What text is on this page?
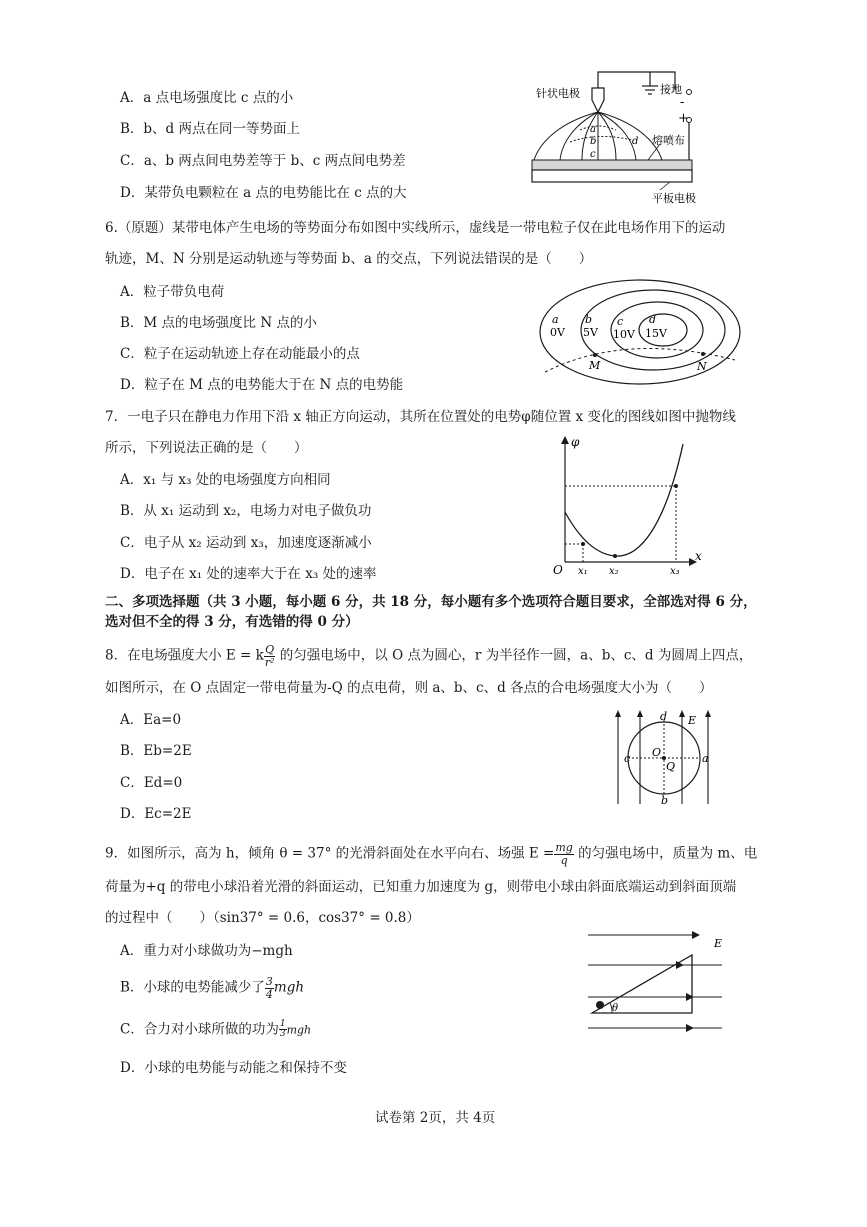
A．a 点电场强度比 c 点的小
B．b、d 两点在同一等势面上
C．a、b 两点间电势差等于 b、c 两点间电势差
D．某带负电颗粒在 a 点的电势能比在 c 点的大
接地
-
+
针状电极
a
b
c
d 熔喷布
平板电极
6.（原题）某带电体产生电场的等势面分布如图中实线所示，虚线是一带电粒子仅在此电场作用下的运动
轨迹，M、N 分别是运动轨迹与等势面 b、a 的交点，下列说法错误的是（　　）
A．粒子带负电荷
B．M 点的电场强度比 N 点的小
C．粒子在运动轨迹上存在动能最小的点
D．粒子在 M 点的电势能大于在 N 点的电势能
a
0V
b
5V
c
10V
d
15V
M	N
7．一电子只在静电力作用下沿 x 轴正方向运动，其所在位置处的电势φ随位置 x 变化的图线如图中抛物线
所示，下列说法正确的是（　　）
A．x₁ 与 x₃ 处的电场强度方向相同
B．从 x₁ 运动到 x₂，电场力对电子做负功
C．电子从 x₂ 运动到 x₃，加速度逐渐减小
D．电子在 x₁ 处的速率大于在 x₃ 处的速率
φ
x
O x₁ x₂	x₃
二、多项选择题（共 3 小题，每小题 6 分，共 18 分，每小题有多个选项符合题目要求，全部选对得 6 分，
选对但不全的得 3 分，有选错的得 0 分）
8．在电场强度大小 E = k $\frac{Q}{\text{r²}}$ 的匀强电场中，以 O 点为圆心，r 为半径作一圆，a、b、c、d 为圆周上四点，
如图所示，在 O 点固定一带电荷量为-Q 的点电荷，则 a、b、c、d 各点的合电场强度大小为（　　）
A．Ea=0
B．Eb=2E
C．Ed=0
D．Ec=2E
d E
c	a
O
Q
b
9．如图所示，高为 h，倾角 θ = 37° 的光滑斜面处在水平向右、场强 $E = \frac{mg}{q}$ 的匀强电场中，质量为 m、电
荷量为+q 的带电小球沿着光滑的斜面运动，已知重力加速度为 g，则带电小球由斜面底端运动到斜面顶端
的过程中（　　）（sin37° = 0.6，cos37° = 0.8）
A．重力对小球做功为−mgh
B．小球的电势能减少了 $\frac{3}{4}$ mgh
C．合力对小球所做的功为 $\frac{1}{3}$ mgh
D．小球的电势能与动能之和保持不变
E
θ
试卷第 2页，共 4页
